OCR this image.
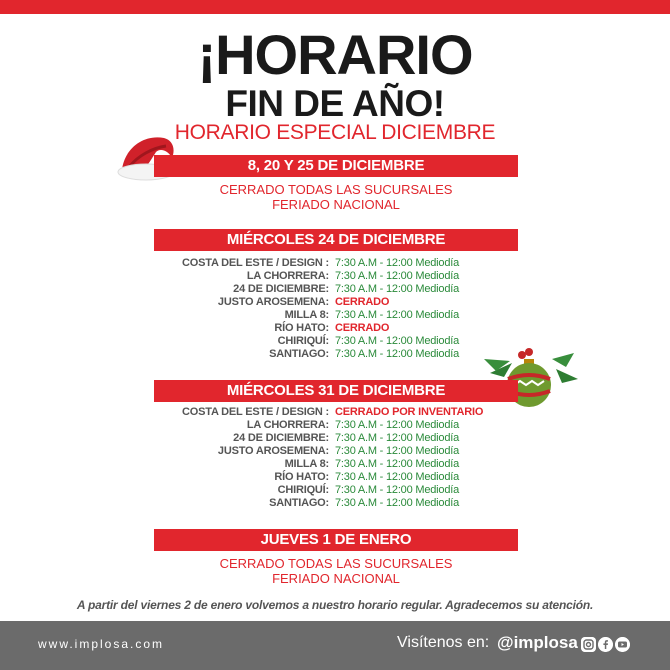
¡HORARIO
FIN DE AÑO!
HORARIO ESPECIAL DICIEMBRE
8, 20 Y 25 DE DICIEMBRE
CERRADO TODAS LAS SUCURSALES
FERIADO NACIONAL
MIÉRCOLES 24 DE DICIEMBRE
COSTA DEL ESTE / DESIGN : 7:30 A.M - 12:00 Mediodía
LA CHORRERA: 7:30 A.M - 12:00 Mediodía
24 DE DICIEMBRE: 7:30 A.M - 12:00 Mediodía
JUSTO AROSEMENA: CERRADO
MILLA 8: 7:30 A.M - 12:00 Mediodía
RÍO HATO: CERRADO
CHIRIQUÍ: 7:30 A.M - 12:00 Mediodía
SANTIAGO: 7:30 A.M - 12:00 Mediodía
MIÉRCOLES 31 DE DICIEMBRE
COSTA DEL ESTE / DESIGN : CERRADO POR INVENTARIO
LA CHORRERA: 7:30 A.M - 12:00 Mediodía
24 DE DICIEMBRE: 7:30 A.M - 12:00 Mediodía
JUSTO AROSEMENA: 7:30 A.M - 12:00 Mediodía
MILLA 8: 7:30 A.M - 12:00 Mediodía
RÍO HATO: 7:30 A.M - 12:00 Mediodía
CHIRIQUÍ: 7:30 A.M - 12:00 Mediodía
SANTIAGO: 7:30 A.M - 12:00 Mediodía
JUEVES 1 DE ENERO
CERRADO TODAS LAS SUCURSALES
FERIADO NACIONAL
A partir del viernes 2 de enero volvemos a nuestro horario regular. Agradecemos su atención.
www.implosa.com	Visítenos en: @implosa
